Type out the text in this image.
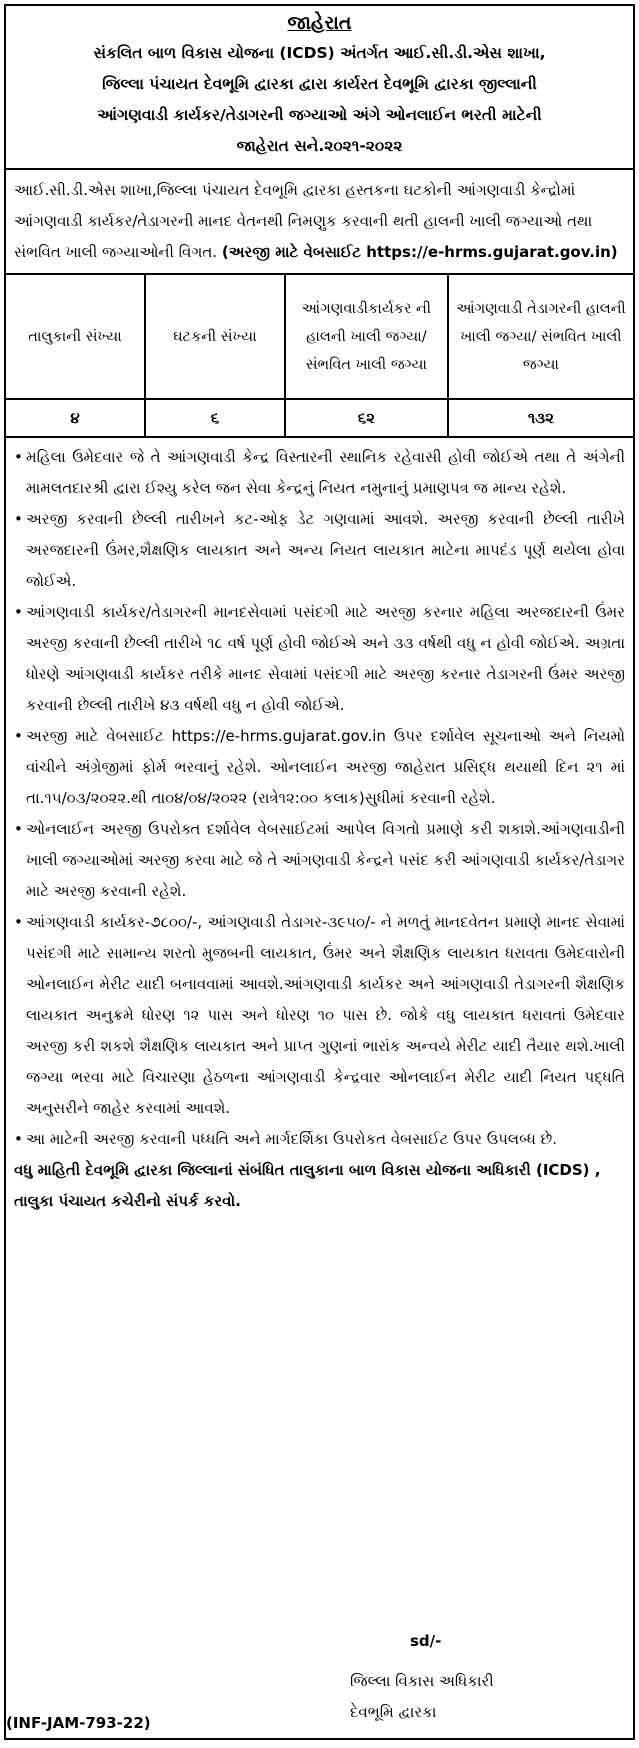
જાહેરાત
સંકલિત બાળ વિકાસ યોજના (ICDS) અંતર્ગત આઈ.સી.ડી.એસ શાખા,
જિલ્લા પંચાયત દેવભૂમિ દ્વારકા દ્વારા કાર્યરત દેવભૂમિ દ્વારકા જીલ્લાની
આંગણવાડી કાર્યકર/તેડાગરની જગ્યાઓ અંગે ઓનલાઈન ભરતી માટેની
જાહેરાત સને.૨૦૨૧-૨૦૨૨
આઈ.સી.ડી.એસ શાખા,જિલ્લા પંચાયત દેવભૂમિ દ્વારકા હસ્તકના ઘટકોની આંગણવાડી કેન્દ્રોમાં આંગણવાડી કાર્યકર/તેડાગરની માનદ વેતનથી નિમણુક કરવાની થતી હાલની ખાલી જગ્યાઓ તથા સંભવિત ખાલી જગ્યાઓની વિગત. (અરજી માટે વેબસાઈટ https://e-hrms.gujarat.gov.in)
તાલુકાની સંખ્યા	ઘટકની સંખ્યા	આંગણવાડીકાર્યકર ની હાલની ખાલી જગ્યા/સંભવિત ખાલી જગ્યા	આંગણવાડી તેડાગરની હાલની ખાલી જગ્યા/ સંભવિત ખાલી જગ્યા
૪	૬	૬૨	૧૩૨

• મહિલા ઉમેદવાર જે તે આંગણવાડી કેન્દ્ર વિસ્તારની સ્થાનિક રહેવાસી હોવી જોઈએ તથા તે અંગેની મામલતદારશ્રી દ્વારા ઈશ્યુ કરેલ જન સેવા કેન્દ્રનું નિયત નમુનાનું પ્રમાણપત્ર જ માન્ય રહેશે.

• અરજી કરવાની છેલ્લી તારીખને કટ-ઓફ ડેટ ગણવામાં આવશે. અરજી કરવાની છેલ્લી તારીખે અરજદારની ઉંમર,શૈક્ષણિક લાયકાત અને અન્ય નિયત લાયકાત માટેના માપદંડ પૂર્ણ થયેલા હોવા જોઈએ.

• આંગણવાડી કાર્યકર/તેડાગરની માનદસેવામાં પસંદગી માટે અરજી કરનાર મહિલા અરજદારની ઉંમર અરજી કરવાની છેલ્લી તારીખે ૧૮ વર્ષ પૂર્ણ હોવી જોઈએ અને ૩૩ વર્ષથી વધુ ન હોવી જોઈએ. અગ્રતા ધોરણે આંગણવાડી કાર્યકર તરીકે માનદ સેવામાં પસંદગી માટે અરજી કરનાર તેડાગરની ઉંમર અરજી કરવાની છેલ્લી તારીખે ૪૩ વર્ષથી વધુ ન હોવી જોઈએ.

• અરજી માટે વેબસાઈટ https://e-hrms.gujarat.gov.in ઉપર દર્શાવેલ સૂચનાઓ અને નિયમો વાંચીને અંગ્રેજીમાં ફોર્મ ભરવાનું રહેશે. ઓનલાઈન અરજી જાહેરાત પ્રસિદ્ધ થયાથી દિન ૨૧ માં તા.૧૫/૦૩/૨૦૨૨.થી તા૦૪/૦૪/૨૦૨૨ (રાત્રે૧૨:૦૦ કલાક)સુધીમાં કરવાની રહેશે.

• ઓનલાઈન અરજી ઉપરોક્ત દર્શાવેલ વેબસાઈટમાં આપેલ વિગતો પ્રમાણે કરી શકાશે.આંગણવાડીની ખાલી જગ્યાઓમાં અરજી કરવા માટે જે તે આંગણવાડી કેન્દ્રને પસંદ કરી આંગણવાડી કાર્યકર/તેડાગર માટે અરજી કરવાની રહેશે.

• આંગણવાડી કાર્યકર-૭૮૦૦/-, આંગણવાડી તેડાગર-૩૯૫૦/- ને મળતું માનદવેતન પ્રમાણે માનદ સેવામાં પસંદગી માટે સામાન્ય શરતો મુજબની લાયકાત, ઉંમર અને શૈક્ષણિક લાયકાત ધરાવતા ઉમેદવારોની ઓનલાઈન મેરીટ યાદી બનાવવામાં આવશે.આંગણવાડી કાર્યકર અને આંગણવાડી તેડાગરની શૈક્ષણિક લાયકાત અનુક્રમે ધોરણ ૧૨ પાસ અને ધોરણ ૧૦ પાસ છે. જોકે વધુ લાયકાત ધરાવતાં ઉમેદવાર અરજી કરી શકશે શૈક્ષણિક લાયકાત અને પ્રાપ્ત ગુણનાં ભારાંક અન્વયે મેરીટ યાદી તૈયાર થશે.ખાલી જગ્યા ભરવા માટે વિચારણા હેઠળના આંગણવાડી કેન્દ્રવાર ઓનલાઈન મેરીટ યાદી નિયત પદ્ધતિ અનુસરીને જાહેર કરવામાં આવશે.

• આ માટેની અરજી કરવાની પધ્ધતિ અને માર્ગદર્શિકા ઉપરોકત વેબસાઈટ ઉપર ઉપલબ્ધ છે.

વધુ માહિતી દેવભૂમિ દ્વારકા જિલ્લાનાં સંબંધિત તાલુકાના બાળ વિકાસ યોજના અધિકારી (ICDS) , તાલુકા પંચાયત કચેરીનો સંપર્ક કરવો.
sd/-
જિલ્લા વિકાસ અધિકારી
દેવભૂમિ દ્વારકા
(INF-JAM-793-22)
